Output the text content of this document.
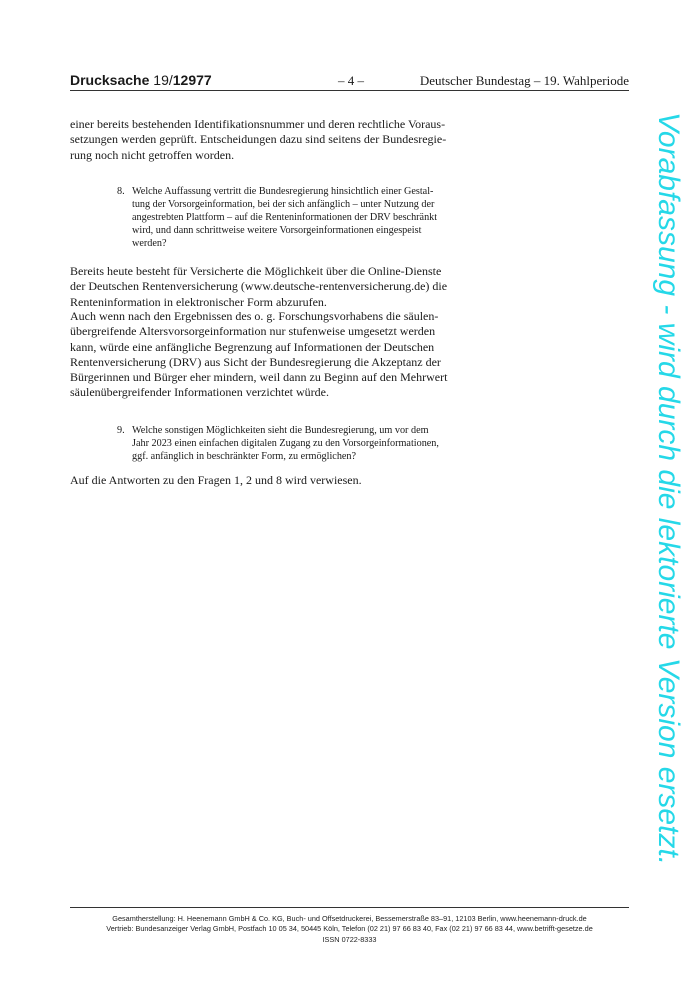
Drucksache 19/12977	– 4 –	Deutscher Bundestag – 19. Wahlperiode
einer bereits bestehenden Identifikationsnummer und deren rechtliche Voraus-
setzungen werden geprüft. Entscheidungen dazu sind seitens der Bundesregie-
rung noch nicht getroffen worden.
8. Welche Auffassung vertritt die Bundesregierung hinsichtlich einer Gestal-
tung der Vorsorgeinformation, bei der sich anfänglich – unter Nutzung der
angestrebten Plattform – auf die Renteninformationen der DRV beschränkt
wird, und dann schrittweise weitere Vorsorgeinformationen eingespeist
werden?
Bereits heute besteht für Versicherte die Möglichkeit über die Online-Dienste
der Deutschen Rentenversicherung (www.deutsche-rentenversicherung.de) die
Renteninformation in elektronischer Form abzurufen.
Auch wenn nach den Ergebnissen des o. g. Forschungsvorhabens die säulen-
übergreifende Altersvorsorgeinformation nur stufenweise umgesetzt werden
kann, würde eine anfängliche Begrenzung auf Informationen der Deutschen
Rentenversicherung (DRV) aus Sicht der Bundesregierung die Akzeptanz der
Bürgerinnen und Bürger eher mindern, weil dann zu Beginn auf den Mehrwert
säulenübergreifender Informationen verzichtet würde.
9. Welche sonstigen Möglichkeiten sieht die Bundesregierung, um vor dem
Jahr 2023 einen einfachen digitalen Zugang zu den Vorsorgeinformationen,
ggf. anfänglich in beschränkter Form, zu ermöglichen?
Auf die Antworten zu den Fragen 1, 2 und 8 wird verwiesen.	Vorabfassung - wird durch die lektorierte Version ersetzt.
Gesamtherstellung: H. Heenemann GmbH & Co. KG, Buch- und Offsetdruckerei, Bessemerstraße 83–91, 12103 Berlin, www.heenemann-druck.de
Vertrieb: Bundesanzeiger Verlag GmbH, Postfach 10 05 34, 50445 Köln, Telefon (02 21) 97 66 83 40, Fax (02 21) 97 66 83 44, www.betrifft-gesetze.de
ISSN 0722-8333
